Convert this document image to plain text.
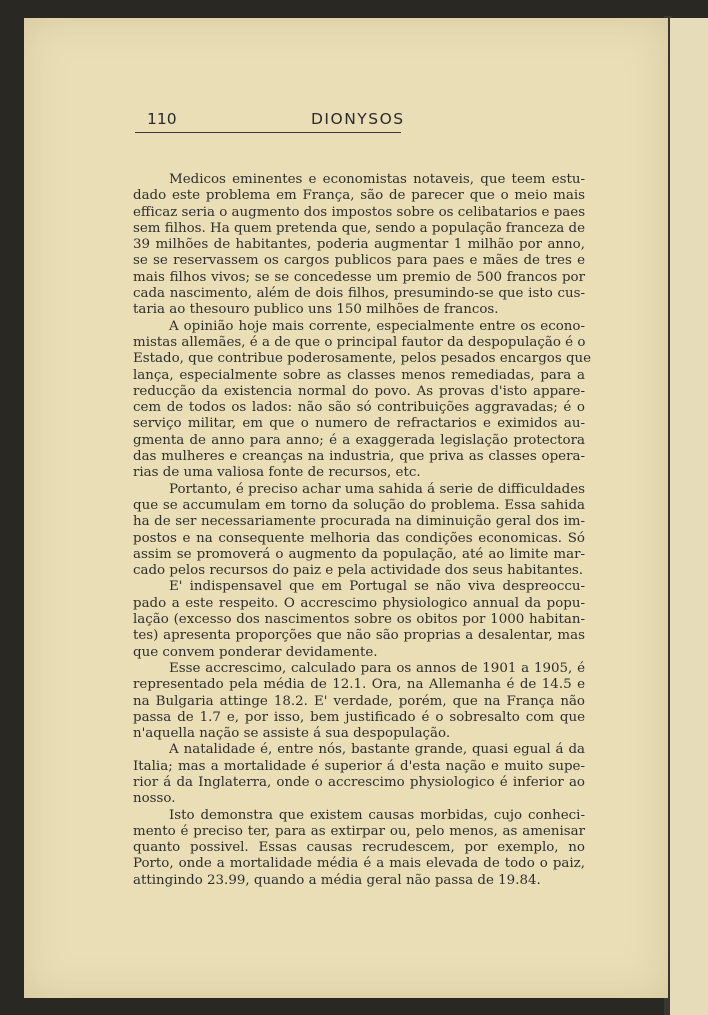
110	DIONYSOS
Medicos eminentes e economistas notaveis, que teem estu-
dado este problema em França, são de parecer que o meio mais
efficaz seria o augmento dos impostos sobre os celibatarios e paes
sem filhos. Ha quem pretenda que, sendo a população franceza de
39 milhões de habitantes, poderia augmentar 1 milhão por anno,
se se reservassem os cargos publicos para paes e mães de tres e
mais filhos vivos; se se concedesse um premio de 500 francos por
cada nascimento, além de dois filhos, presumindo-se que isto cus-
taria ao thesouro publico uns 150 milhões de francos.
A opinião hoje mais corrente, especialmente entre os econo-
mistas allemães, é a de que o principal fautor da despopulação é o
Estado, que contribue poderosamente, pelos pesados encargos que
lança, especialmente sobre as classes menos remediadas, para a
reducção da existencia normal do povo. As provas d'isto appare-
cem de todos os lados: não são só contribuições aggravadas; é o
serviço militar, em que o numero de refractarios e eximidos au-
gmenta de anno para anno; é a exaggerada legislação protectora
das mulheres e creanças na industria, que priva as classes opera-
rias de uma valiosa fonte de recursos, etc.
Portanto, é preciso achar uma sahida á serie de difficuldades
que se accumulam em torno da solução do problema. Essa sahida
ha de ser necessariamente procurada na diminuição geral dos im-
postos e na consequente melhoria das condições economicas. Só
assim se promoverá o augmento da população, até ao limite mar-
cado pelos recursos do paiz e pela actividade dos seus habitantes.
E' indispensavel que em Portugal se não viva despreoccu-
pado a este respeito. O accrescimo physiologico annual da popu-
lação (excesso dos nascimentos sobre os obitos por 1000 habitan-
tes) apresenta proporções que não são proprias a desalentar, mas
que convem ponderar devidamente.
Esse accrescimo, calculado para os annos de 1901 a 1905, é
representado pela média de 12.1. Ora, na Allemanha é de 14.5 e
na Bulgaria attinge 18.2. E' verdade, porém, que na França não
passa de 1.7 e, por isso, bem justificado é o sobresalto com que
n'aquella nação se assiste á sua despopulação.
A natalidade é, entre nós, bastante grande, quasi egual á da
Italia; mas a mortalidade é superior á d'esta nação e muito supe-
rior á da Inglaterra, onde o accrescimo physiologico é inferior ao
nosso.
Isto demonstra que existem causas morbidas, cujo conheci-
mento é preciso ter, para as extirpar ou, pelo menos, as amenisar
quanto possivel. Essas causas recrudescem, por exemplo, no
Porto, onde a mortalidade média é a mais elevada de todo o paiz,
attingindo 23.99, quando a média geral não passa de 19.84.
